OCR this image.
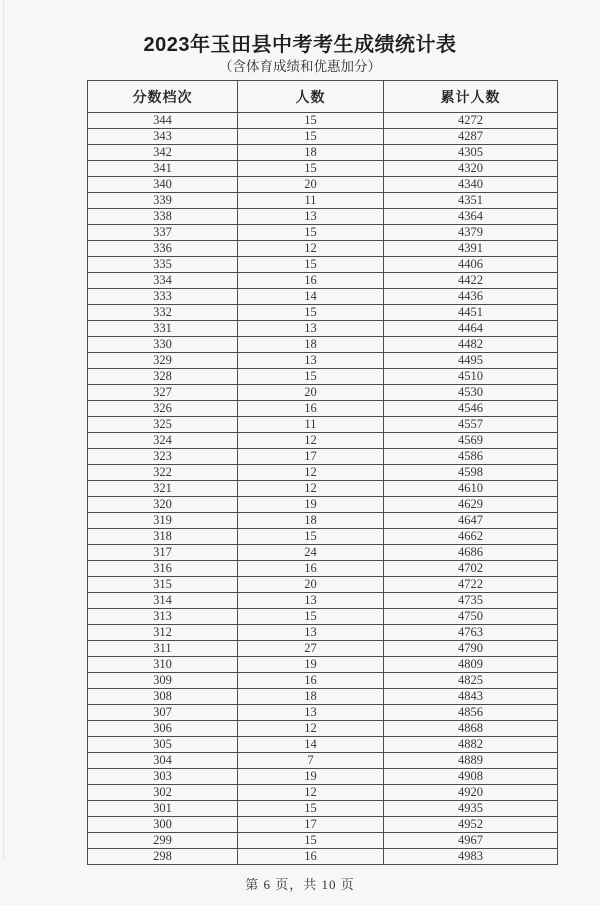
2023年玉田县中考考生成绩统计表
（含体育成绩和优惠加分）
分数档次	人数	累计人数
344	15	4272
343	15	4287
342	18	4305
341	15	4320
340	20	4340
339	11	4351
338	13	4364
337	15	4379
336	12	4391
335	15	4406
334	16	4422
333	14	4436
332	15	4451
331	13	4464
330	18	4482
329	13	4495
328	15	4510
327	20	4530
326	16	4546
325	11	4557
324	12	4569
323	17	4586
322	12	4598
321	12	4610
320	19	4629
319	18	4647
318	15	4662
317	24	4686
316	16	4702
315	20	4722
314	13	4735
313	15	4750
312	13	4763
311	27	4790
310	19	4809
309	16	4825
308	18	4843
307	13	4856
306	12	4868
305	14	4882
304	7	4889
303	19	4908
302	12	4920
301	15	4935
300	17	4952
299	15	4967
298	16	4983
第 6 页，共 10 页
